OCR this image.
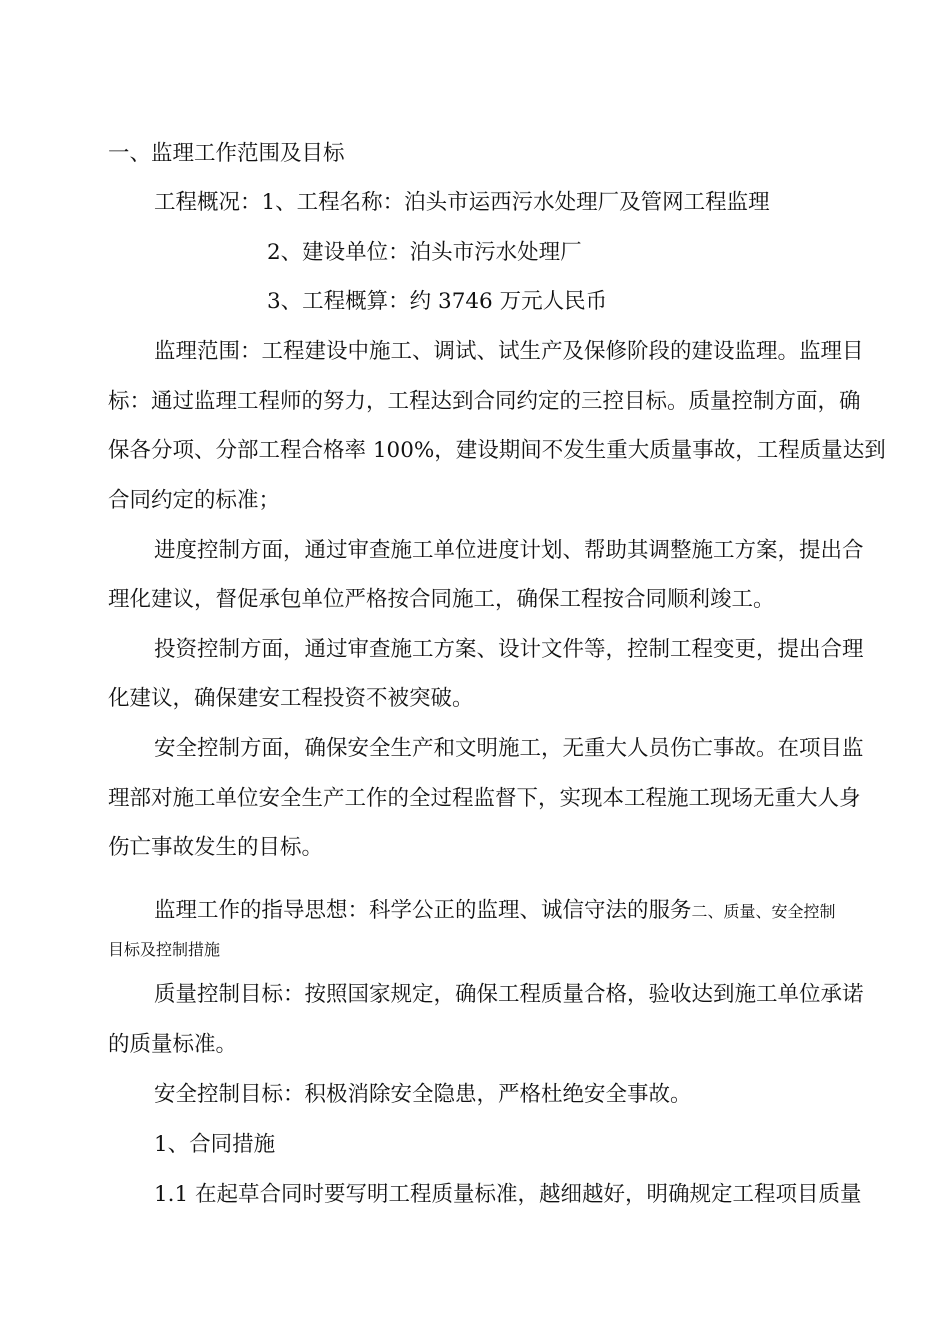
一、监理工作范围及目标

工程概况：1、工程名称：泊头市运西污水处理厂及管网工程监理

2、建设单位：泊头市污水处理厂

3、工程概算：约 3746 万元人民币

监理范围：工程建设中施工、调试、试生产及保修阶段的建设监理。监理目

标：通过监理工程师的努力，工程达到合同约定的三控目标。质量控制方面，确

保各分项、分部工程合格率 100%，建设期间不发生重大质量事故，工程质量达到

合同约定的标准；

进度控制方面，通过审查施工单位进度计划、帮助其调整施工方案，提出合

理化建议，督促承包单位严格按合同施工，确保工程按合同顺利竣工。

投资控制方面，通过审查施工方案、设计文件等，控制工程变更，提出合理

化建议，确保建安工程投资不被突破。

安全控制方面，确保安全生产和文明施工，无重大人员伤亡事故。在项目监

理部对施工单位安全生产工作的全过程监督下，实现本工程施工现场无重大人身

伤亡事故发生的目标。

监理工作的指导思想：科学公正的监理、诚信守法的服务二、质量、安全控制

目标及控制措施

质量控制目标：按照国家规定，确保工程质量合格，验收达到施工单位承诺

的质量标准。

安全控制目标：积极消除安全隐患，严格杜绝安全事故。

1、合同措施

1.1 在起草合同时要写明工程质量标准，越细越好，明确规定工程项目质量
